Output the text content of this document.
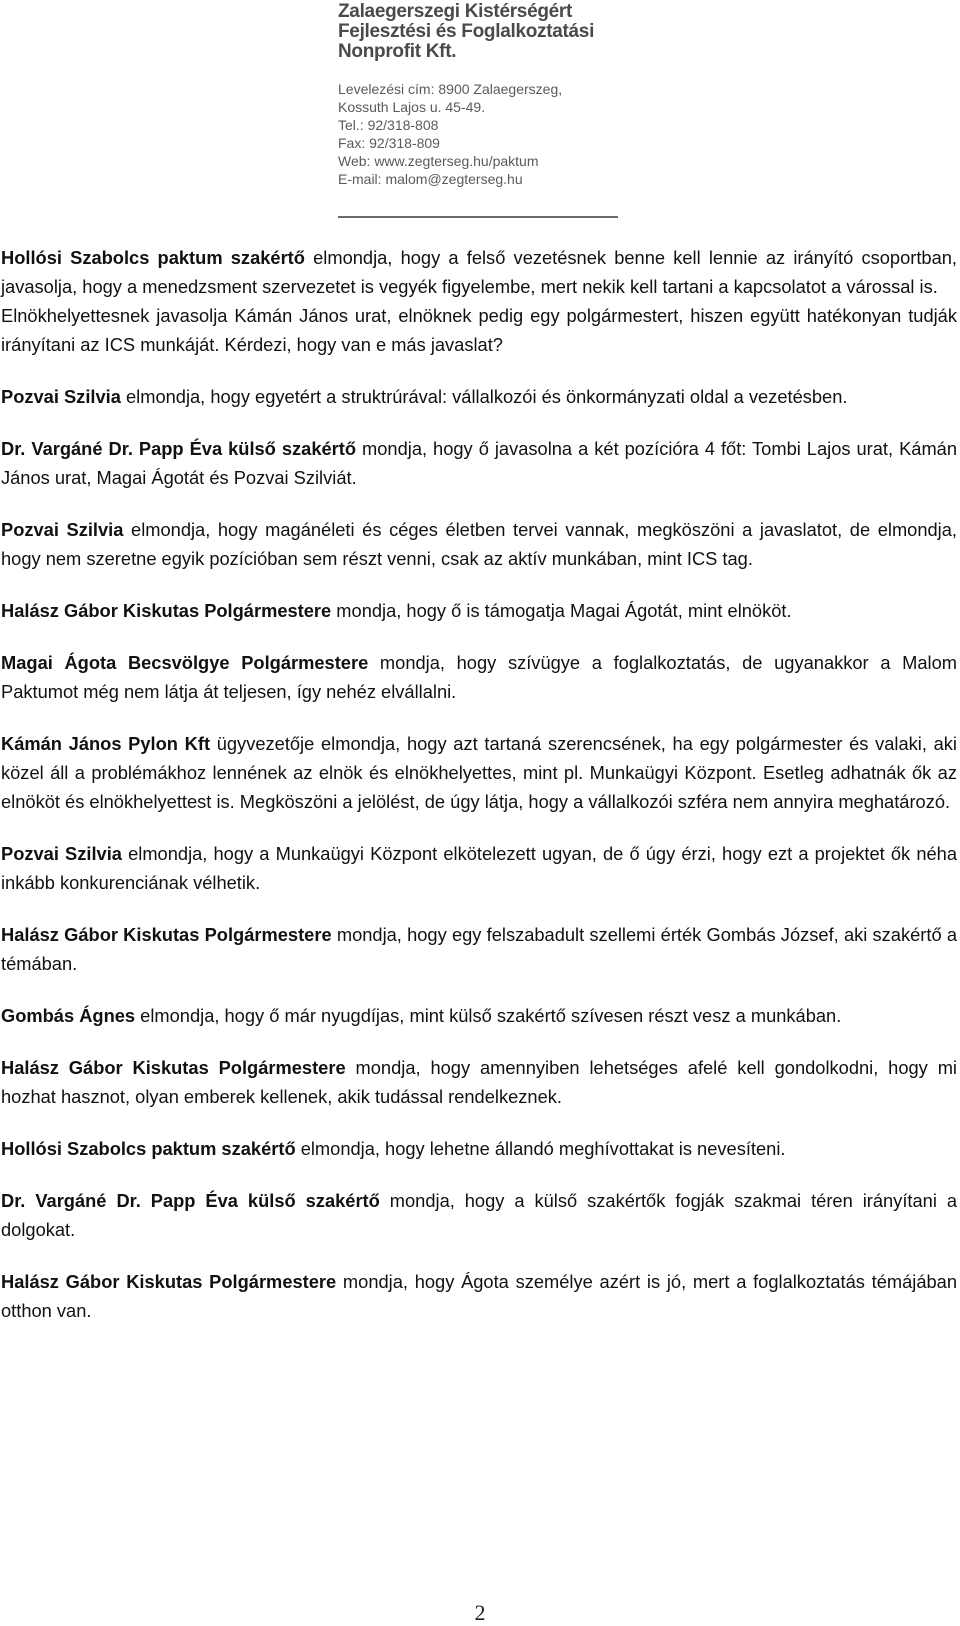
Zalaegerszegi Kistérségért
Fejlesztési és Foglalkoztatási
Nonprofit Kft.
Levelezési cím: 8900 Zalaegerszeg,
Kossuth Lajos u. 45-49.
Tel.: 92/318-808
Fax: 92/318-809
Web: www.zegterseg.hu/paktum
E-mail: malom@zegterseg.hu

Hollósi Szabolcs paktum szakértő elmondja, hogy a felső vezetésnek benne kell lennie az irányító csoportban, javasolja, hogy a menedzsment szervezetet is vegyék figyelembe, mert nekik kell tartani a kapcsolatot a várossal is.

Elnökhelyettesnek javasolja Kámán János urat, elnöknek pedig egy polgármestert, hiszen együtt hatékonyan tudják irányítani az ICS munkáját. Kérdezi, hogy van e más javaslat?

Pozvai Szilvia elmondja, hogy egyetért a struktrúrával: vállalkozói és önkormányzati oldal a vezetésben.

Dr. Vargáné Dr. Papp Éva külső szakértő mondja, hogy ő javasolna a két pozícióra 4 főt: Tombi Lajos urat, Kámán János urat, Magai Ágotát és Pozvai Szilviát.

Pozvai Szilvia elmondja, hogy magánéleti és céges életben tervei vannak, megköszöni a javaslatot, de elmondja, hogy nem szeretne egyik pozícióban sem részt venni, csak az aktív munkában, mint ICS tag.

Halász Gábor Kiskutas Polgármestere mondja, hogy ő is támogatja Magai Ágotát, mint elnököt.

Magai Ágota Becsvölgye Polgármestere mondja, hogy szívügye a foglalkoztatás, de ugyanakkor a Malom Paktumot még nem látja át teljesen, így nehéz elvállalni.

Kámán János Pylon Kft ügyvezetője elmondja, hogy azt tartaná szerencsének, ha egy polgármester és valaki, aki közel áll a problémákhoz lennének az elnök és elnökhelyettes, mint pl. Munkaügyi Központ. Esetleg adhatnák ők az elnököt és elnökhelyettest is. Megköszöni a jelölést, de úgy látja, hogy a vállalkozói szféra nem annyira meghatározó.

Pozvai Szilvia elmondja, hogy a Munkaügyi Központ elkötelezett ugyan, de ő úgy érzi, hogy ezt a projektet ők néha inkább konkurenciának vélhetik.

Halász Gábor Kiskutas Polgármestere mondja, hogy egy felszabadult szellemi érték Gombás József, aki szakértő a témában.

Gombás Ágnes elmondja, hogy ő már nyugdíjas, mint külső szakértő szívesen részt vesz a munkában.

Halász Gábor Kiskutas Polgármestere mondja, hogy amennyiben lehetséges afelé kell gondolkodni, hogy mi hozhat hasznot, olyan emberek kellenek, akik tudással rendelkeznek.

Hollósi Szabolcs paktum szakértő elmondja, hogy lehetne állandó meghívottakat is nevesíteni.

Dr. Vargáné Dr. Papp Éva külső szakértő mondja, hogy a külső szakértők fogják szakmai téren irányítani a dolgokat.

Halász Gábor Kiskutas Polgármestere mondja, hogy Ágota személye azért is jó, mert a foglalkoztatás témájában otthon van.

2
